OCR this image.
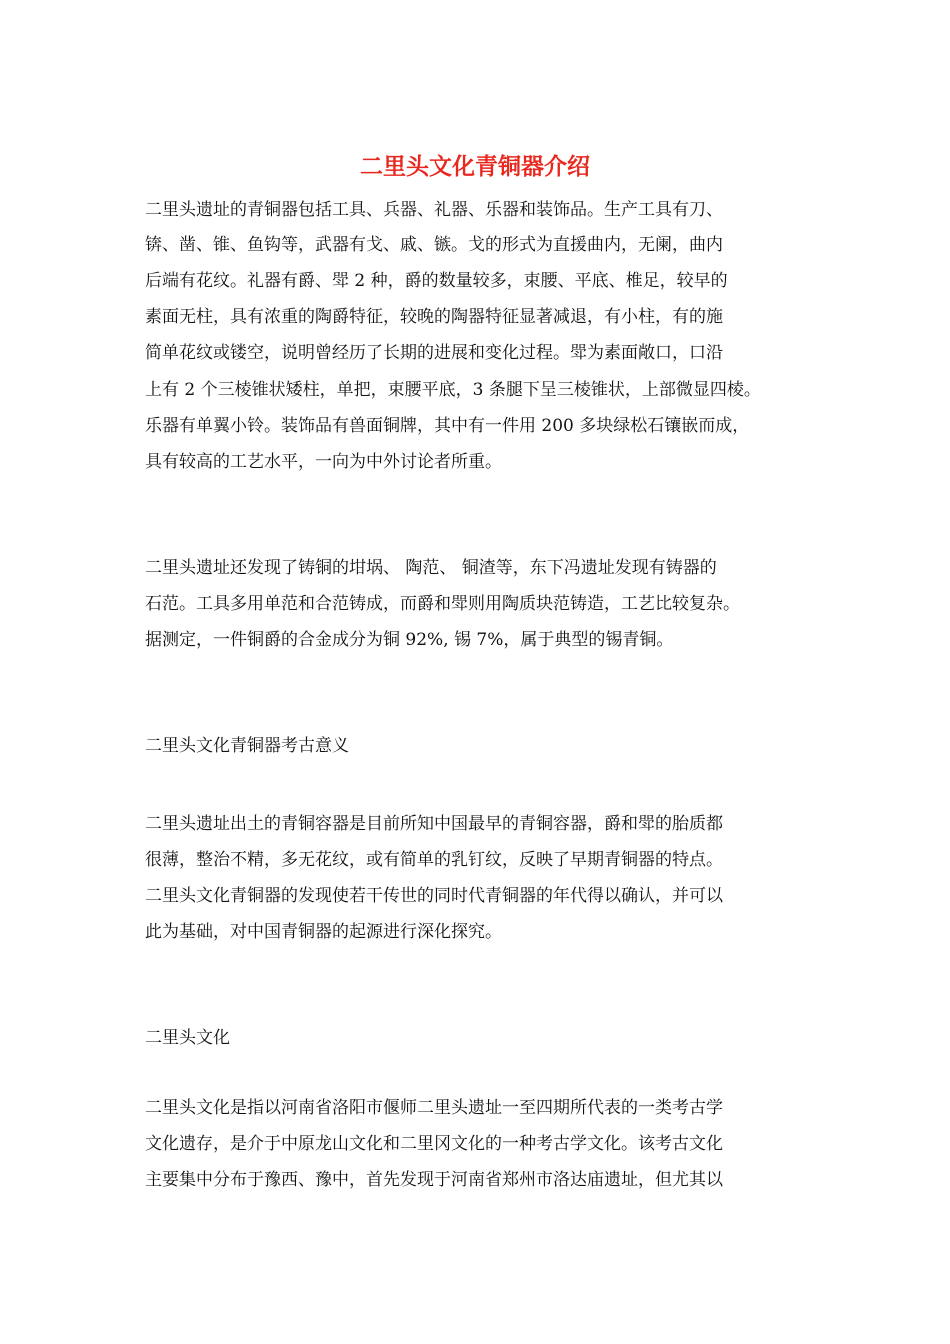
二里头文化青铜器介绍
二里头遗址的青铜器包括工具、兵器、礼器、乐器和装饰品。生产工具有刀、
锛、凿、锥、鱼钩等，武器有戈、戚、镞。戈的形式为直援曲内，无阑，曲内
后端有花纹。礼器有爵、斝 2 种，爵的数量较多，束腰、平底、椎足，较早的
素面无柱，具有浓重的陶爵特征，较晚的陶器特征显著减退，有小柱，有的施
简单花纹或镂空，说明曾经历了长期的进展和变化过程。斝为素面敞口，口沿
上有 2 个三棱锥状矮柱，单把，束腰平底，3 条腿下呈三棱锥状，上部微显四棱。
乐器有单翼小铃。装饰品有兽面铜牌，其中有一件用 200 多块绿松石镶嵌而成，
具有较高的工艺水平，一向为中外讨论者所重。
二里头遗址还发现了铸铜的坩埚、 陶范、 铜渣等，东下冯遗址发现有铸器的
石范。工具多用单范和合范铸成，而爵和斝则用陶质块范铸造，工艺比较复杂。
据测定，一件铜爵的合金成分为铜 92%, 锡 7%，属于典型的锡青铜。
二里头文化青铜器考古意义
二里头遗址出土的青铜容器是目前所知中国最早的青铜容器，爵和斝的胎质都
很薄，整治不精，多无花纹，或有简单的乳钉纹，反映了早期青铜器的特点。
二里头文化青铜器的发现使若干传世的同时代青铜器的年代得以确认，并可以
此为基础，对中国青铜器的起源进行深化探究。
二里头文化
二里头文化是指以河南省洛阳市偃师二里头遗址一至四期所代表的一类考古学
文化遗存，是介于中原龙山文化和二里冈文化的一种考古学文化。该考古文化
主要集中分布于豫西、豫中，首先发现于河南省郑州市洛达庙遗址，但尤其以
